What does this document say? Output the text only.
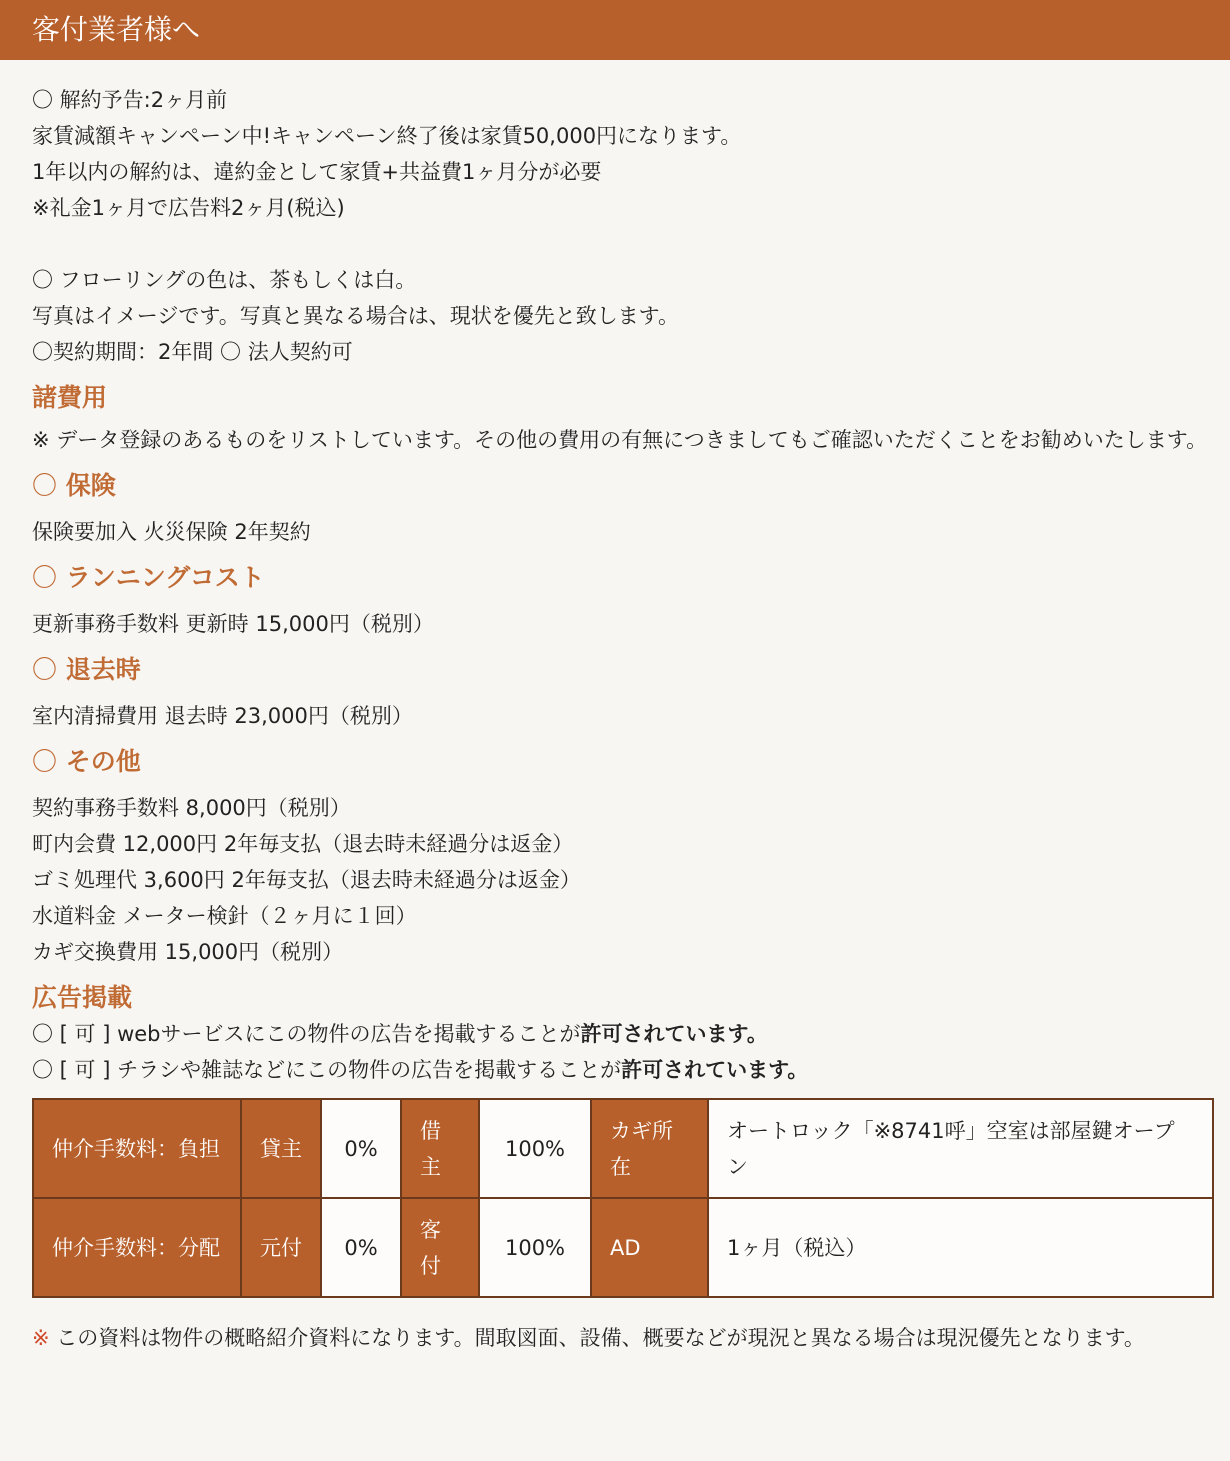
客付業者様へ
〇 解約予告:2ヶ月前
家賃減額キャンペーン中!キャンペーン終了後は家賃50,000円になります。
1年以内の解約は、違約金として家賃+共益費1ヶ月分が必要
※礼金1ヶ月で広告料2ヶ月(税込)
〇 フローリングの色は、茶もしくは白。
写真はイメージです。写真と異なる場合は、現状を優先と致します。
〇契約期間：2年間 〇 法人契約可
諸費用
※ データ登録のあるものをリストしています。その他の費用の有無につきましてもご確認いただくことをお勧めいたします。
〇 保険
保険要加入 火災保険 2年契約
〇 ランニングコスト
更新事務手数料 更新時 15,000円（税別）
〇 退去時
室内清掃費用 退去時 23,000円（税別）
〇 その他
契約事務手数料 8,000円（税別）
町内会費 12,000円 2年毎支払（退去時未経過分は返金）
ゴミ処理代 3,600円 2年毎支払（退去時未経過分は返金）
水道料金 メーター検針（２ヶ月に１回）
カギ交換費用 15,000円（税別）
広告掲載
〇 [ 可 ] webサービスにこの物件の広告を掲載することが許可されています。
〇 [ 可 ] チラシや雑誌などにこの物件の広告を掲載することが許可されています。
仲介手数料：負担	貸主	0%	借主	100%	カギ所在	オートロック「※8741呼」空室は部屋鍵オープン
仲介手数料：分配	元付	0%	客付	100%	AD	1ヶ月（税込）
※ この資料は物件の概略紹介資料になります。間取図面、設備、概要などが現況と異なる場合は現況優先となります。
